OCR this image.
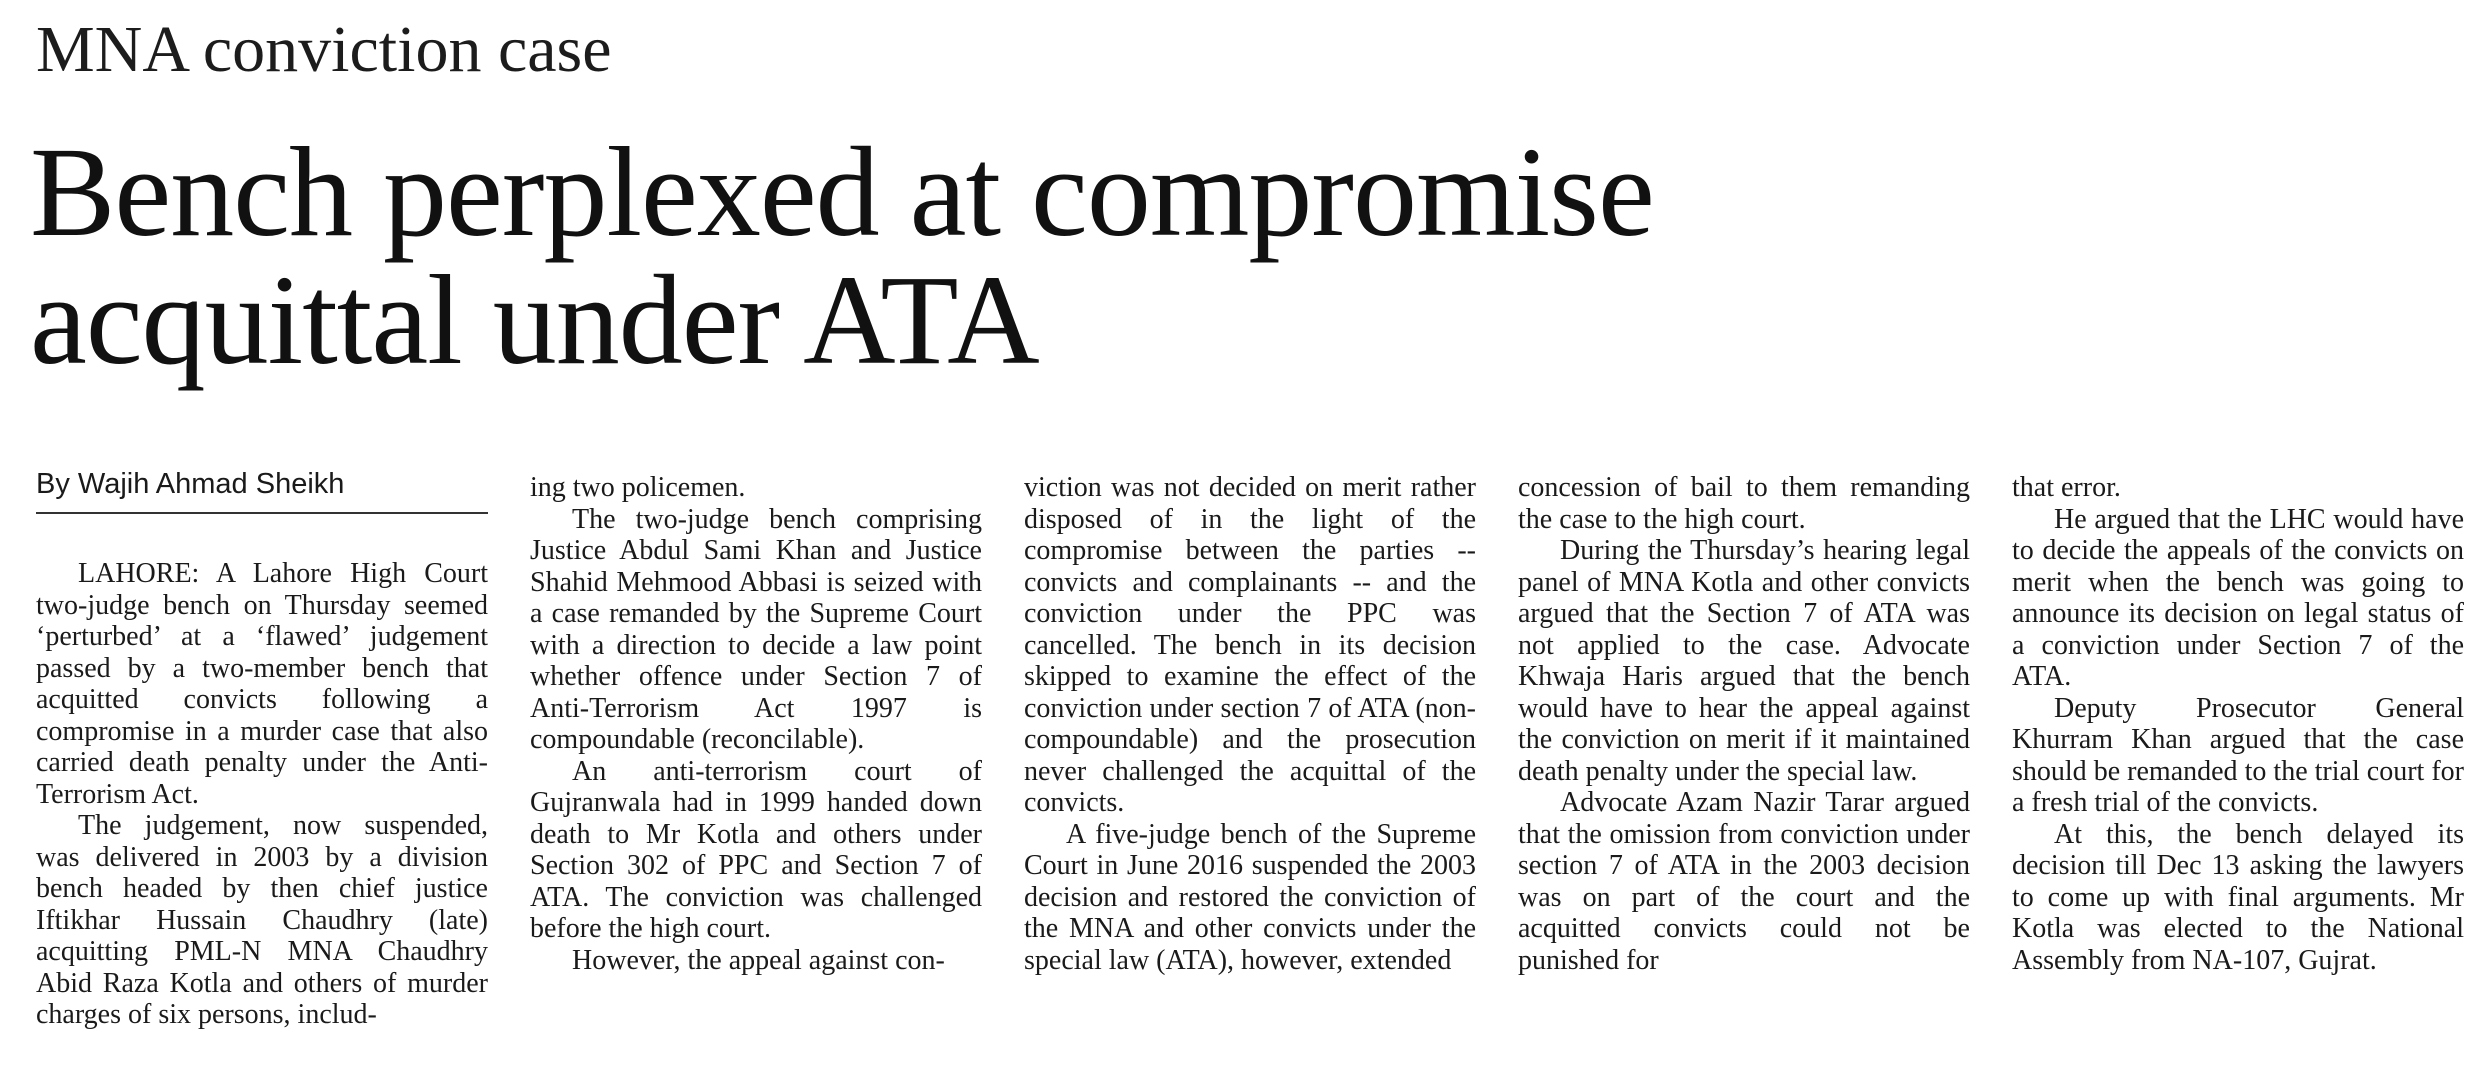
MNA conviction case
Bench perplexed at compromise
acquittal under ATA
By Wajih Ahmad Sheikh

LAHORE: A Lahore High Court two-judge bench on Thursday seemed ‘perturbed’ at a ‘flawed’ judgement passed by a two-member bench that acquitted convicts following a compromise in a murder case that also carried death penalty under the Anti-Terrorism Act.

The judgement, now suspended, was delivered in 2003 by a division bench headed by then chief justice Iftikhar Hussain Chaudhry (late) acquitting PML-N MNA Chaudhry Abid Raza Kotla and others of murder charges of six persons, includ-

ing two policemen.

The two-judge bench comprising Justice Abdul Sami Khan and Justice Shahid Mehmood Abbasi is seized with a case remanded by the Supreme Court with a direction to decide a law point whether offence under Section 7 of Anti-Terrorism Act 1997 is compoundable (reconcilable).

An anti-terrorism court of Gujranwala had in 1999 handed down death to Mr Kotla and others under Section 302 of PPC and Section 7 of ATA. The conviction was challenged before the high court.

However, the appeal against con-

viction was not decided on merit rather disposed of in the light of the compromise between the parties -- convicts and complainants -- and the conviction under the PPC was cancelled. The bench in its decision skipped to examine the effect of the conviction under section 7 of ATA (non-compoundable) and the prosecution never challenged the acquittal of the convicts.

A five-judge bench of the Supreme Court in June 2016 suspended the 2003 decision and restored the conviction of the MNA and other convicts under the special law (ATA), however, extended

concession of bail to them remanding the case to the high court.

During the Thursday’s hearing legal panel of MNA Kotla and other convicts argued that the Section 7 of ATA was not applied to the case. Advocate Khwaja Haris argued that the bench would have to hear the appeal against the conviction on merit if it maintained death penalty under the special law.

Advocate Azam Nazir Tarar argued that the omission from conviction under section 7 of ATA in the 2003 decision was on part of the court and the acquitted convicts could not be punished for

that error.

He argued that the LHC would have to decide the appeals of the convicts on merit when the bench was going to announce its decision on legal status of a conviction under Section 7 of the ATA.

Deputy Prosecutor General Khurram Khan argued that the case should be remanded to the trial court for a fresh trial of the convicts.

At this, the bench delayed its decision till Dec 13 asking the lawyers to come up with final arguments. Mr Kotla was elected to the National Assembly from NA-107, Gujrat.
